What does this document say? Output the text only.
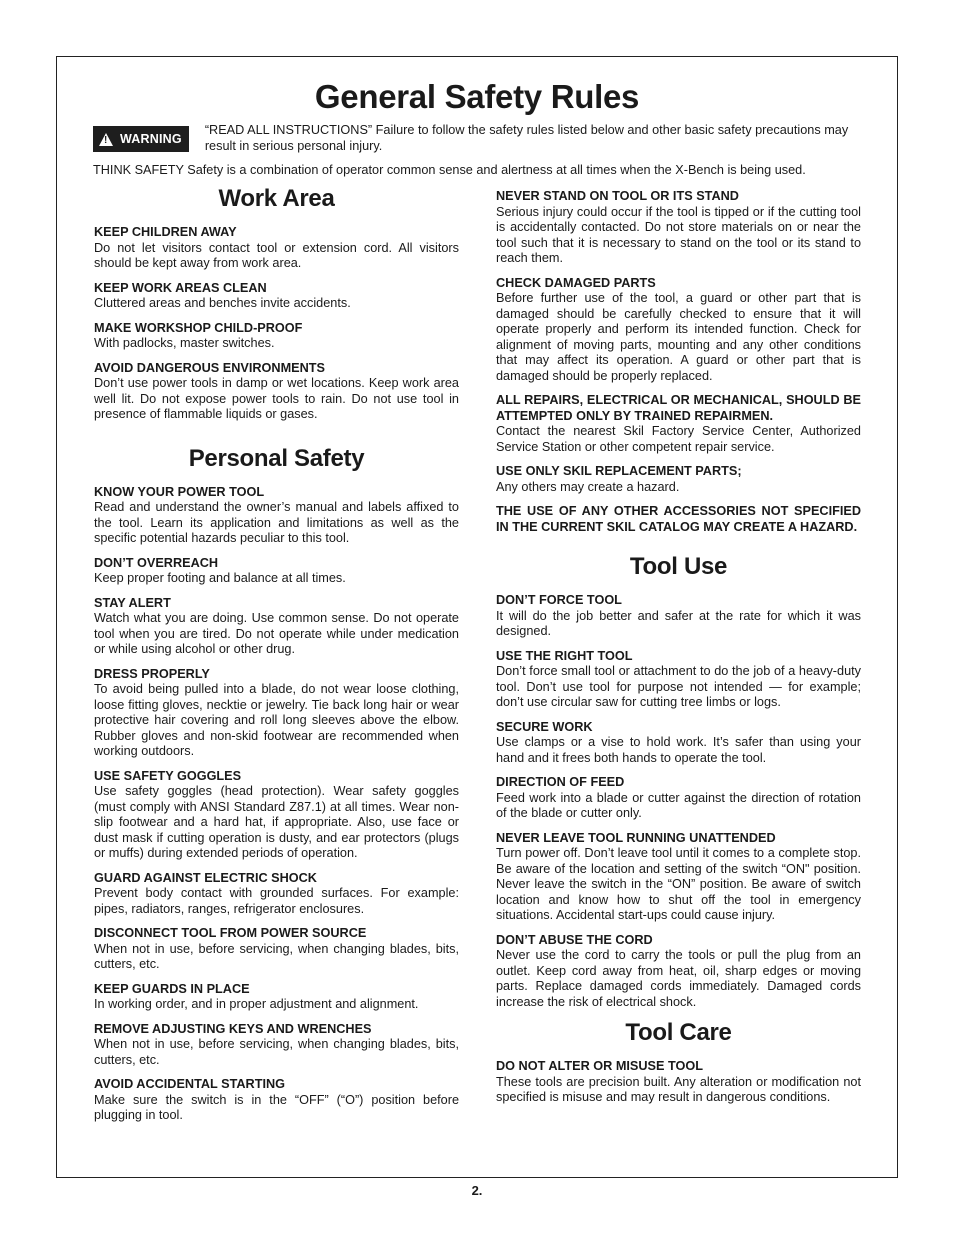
General Safety Rules
! WARNING
“READ ALL INSTRUCTIONS” Failure to follow the safety rules listed below and other basic safety precautions may result in serious personal injury.
THINK SAFETY Safety is a combination of operator common sense and alertness at all times when the X-Bench is being used.
Work Area
KEEP CHILDREN AWAY
Do not let visitors contact tool or extension cord. All visitors should be kept away from work area.
KEEP WORK AREAS CLEAN
Cluttered areas and benches invite accidents.
MAKE WORKSHOP CHILD-PROOF
With padlocks, master switches.
AVOID DANGEROUS ENVIRONMENTS
Don’t use power tools in damp or wet locations. Keep work area well lit. Do not expose power tools to rain. Do not use tool in presence of flammable liquids or gases.
Personal Safety
KNOW YOUR POWER TOOL
Read and understand the owner’s manual and labels affixed to the tool. Learn its application and limitations as well as the specific potential hazards peculiar to this tool.
DON’T OVERREACH
Keep proper footing and balance at all times.
STAY ALERT
Watch what you are doing. Use common sense. Do not operate tool when you are tired. Do not operate while under medication or while using alcohol or other drug.
DRESS PROPERLY
To avoid being pulled into a blade, do not wear loose clothing, loose fitting gloves, necktie or jewelry. Tie back long hair or wear protective hair covering and roll long sleeves above the elbow. Rubber gloves and non-skid footwear are recommended when working outdoors.
USE SAFETY GOGGLES
Use safety goggles (head protection). Wear safety goggles (must comply with ANSI Standard Z87.1) at all times. Wear non-slip footwear and a hard hat, if appropriate. Also, use face or dust mask if cutting operation is dusty, and ear protectors (plugs or muffs) during extended periods of operation.
GUARD AGAINST ELECTRIC SHOCK
Prevent body contact with grounded surfaces. For example: pipes, radiators, ranges, refrigerator enclosures.
DISCONNECT TOOL FROM POWER SOURCE
When not in use, before servicing, when changing blades, bits, cutters, etc.
KEEP GUARDS IN PLACE
In working order, and in proper adjustment and alignment.
REMOVE ADJUSTING KEYS AND WRENCHES
When not in use, before servicing, when changing blades, bits, cutters, etc.
AVOID ACCIDENTAL STARTING
Make sure the switch is in the “OFF” (“O”) position before plugging in tool.
NEVER STAND ON TOOL OR ITS STAND
Serious injury could occur if the tool is tipped or if the cutting tool is accidentally contacted. Do not store materials on or near the tool such that it is necessary to stand on the tool or its stand to reach them.
CHECK DAMAGED PARTS
Before further use of the tool, a guard or other part that is damaged should be carefully checked to ensure that it will operate properly and perform its intended function. Check for alignment of moving parts, mounting and any other conditions that may affect its operation. A guard or other part that is damaged should be properly replaced.
ALL REPAIRS, ELECTRICAL OR MECHANICAL, SHOULD BE ATTEMPTED ONLY BY TRAINED REPAIRMEN.
Contact the nearest Skil Factory Service Center, Authorized Service Station or other competent repair service.
USE ONLY SKIL REPLACEMENT PARTS;
Any others may create a hazard.
THE USE OF ANY OTHER ACCESSORIES NOT SPECIFIED IN THE CURRENT SKIL CATALOG MAY CREATE A HAZARD.
Tool Use
DON’T FORCE TOOL
It will do the job better and safer at the rate for which it was designed.
USE THE RIGHT TOOL
Don’t force small tool or attachment to do the job of a heavy-duty tool. Don’t use tool for purpose not intended — for example; don’t use circular saw for cutting tree limbs or logs.
SECURE WORK
Use clamps or a vise to hold work. It’s safer than using your hand and it frees both hands to operate the tool.
DIRECTION OF FEED
Feed work into a blade or cutter against the direction of rotation of the blade or cutter only.
NEVER LEAVE TOOL RUNNING UNATTENDED
Turn power off. Don’t leave tool until it comes to a complete stop. Be aware of the location and setting of the switch “ON" position. Never leave the switch in the “ON” position. Be aware of switch location and know how to shut off the tool in emergency situations. Accidental start-ups could cause injury.
DON’T ABUSE THE CORD
Never use the cord to carry the tools or pull the plug from an outlet. Keep cord away from heat, oil, sharp edges or moving parts. Replace damaged cords immediately. Damaged cords increase the risk of electrical shock.
Tool Care
DO NOT ALTER OR MISUSE TOOL
These tools are precision built. Any alteration or modification not specified is misuse and may result in dangerous conditions.
2.
